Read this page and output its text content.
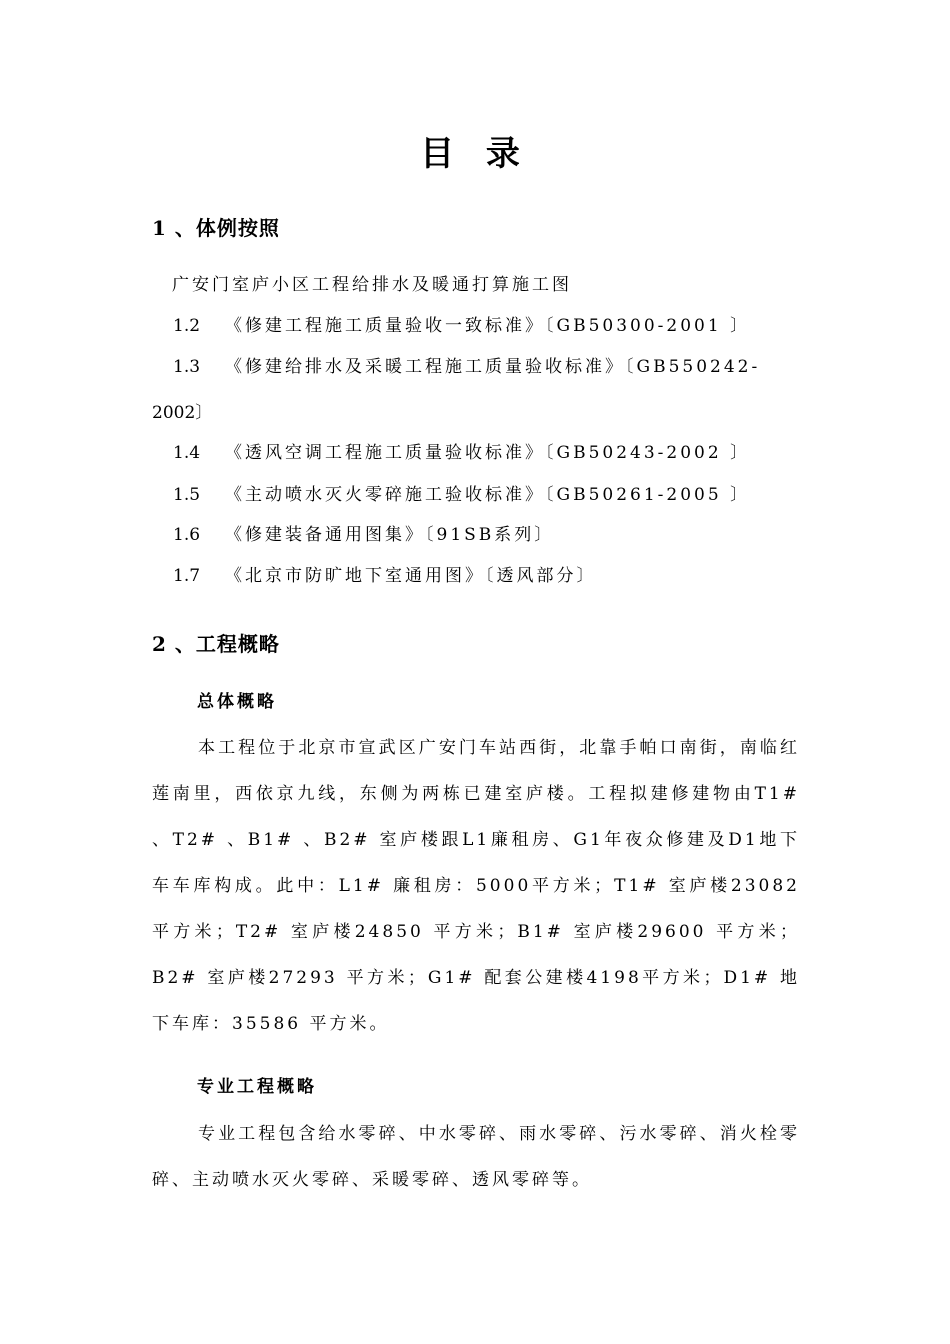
目 录
1 、体例按照
广安门室庐小区工程给排水及暖通打算施工图
1.2 《修建工程施工质量验收一致标准》〔GB50300-2001 〕
1.3 《修建给排水及采暖工程施工质量验收标准》〔GB550242-
2002〕
1.4 《透风空调工程施工质量验收标准》〔GB50243-2002 〕
1.5 《主动喷水灭火零碎施工验收标准》〔GB50261-2005 〕
1.6 《修建装备通用图集》〔91SB系列〕
1.7 《北京市防旷地下室通用图》〔透风部分〕
2 、工程概略
总体概略
本工程位于北京市宣武区广安门车站西街，北靠手帕口南街，南临红莲南里，西依京九线，东侧为两栋已建室庐楼。工程拟建修建物由T1# 、T2# 、B1# 、B2# 室庐楼跟L1廉租房、G1年夜众修建及D1地下车车库构成。此中：L1# 廉租房：5000平方米；T1# 室庐楼23082 平方米；T2# 室庐楼24850 平方米；B1# 室庐楼29600 平方米；B2# 室庐楼27293 平方米；G1# 配套公建楼4198平方米；D1# 地下车库：35586 平方米。
专业工程概略
专业工程包含给水零碎、中水零碎、雨水零碎、污水零碎、消火栓零碎、主动喷水灭火零碎、采暖零碎、透风零碎等。
